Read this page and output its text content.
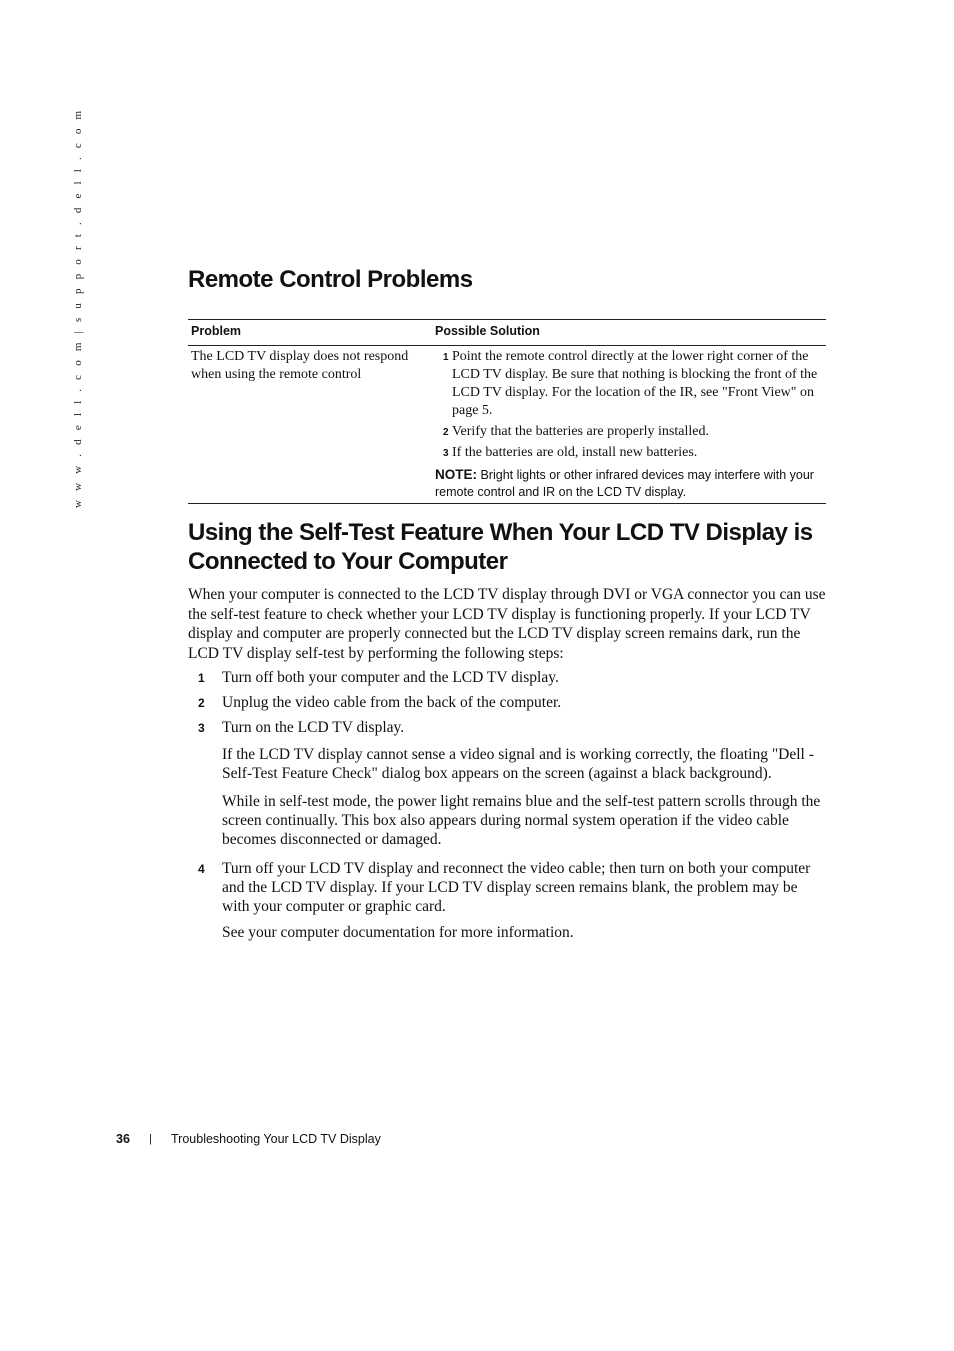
w w w . d e l l . c o m | s u p p o r t . d e l l . c o m	Remote Control Problems
Problem	Possible Solution
The LCD TV display does not respond when using the remote control
1 Point the remote control directly at the lower right corner of the LCD TV display. Be sure that nothing is blocking the front of the LCD TV display. For the location of the IR, see "Front View" on page 5.
2 Verify that the batteries are properly installed.
3 If the batteries are old, install new batteries.
NOTE: Bright lights or other infrared devices may interfere with your remote control and IR on the LCD TV display.
Using the Self-Test Feature When Your LCD TV Display is Connected to Your Computer

When your computer is connected to the LCD TV display through DVI or VGA connector you can use the self-test feature to check whether your LCD TV display is functioning properly. If your LCD TV display and computer are properly connected but the LCD TV display screen remains dark, run the LCD TV display self-test by performing the following steps:

1 Turn off both your computer and the LCD TV display.
2 Unplug the video cable from the back of the computer.
3 Turn on the LCD TV display.
If the LCD TV display cannot sense a video signal and is working correctly, the floating "Dell - Self-Test Feature Check" dialog box appears on the screen (against a black background).
While in self-test mode, the power light remains blue and the self-test pattern scrolls through the screen continually. This box also appears during normal system operation if the video cable becomes disconnected or damaged.
4 Turn off your LCD TV display and reconnect the video cable; then turn on both your computer and the LCD TV display. If your LCD TV display screen remains blank, the problem may be with your computer or graphic card.
See your computer documentation for more information.
36 | Troubleshooting Your LCD TV Display
